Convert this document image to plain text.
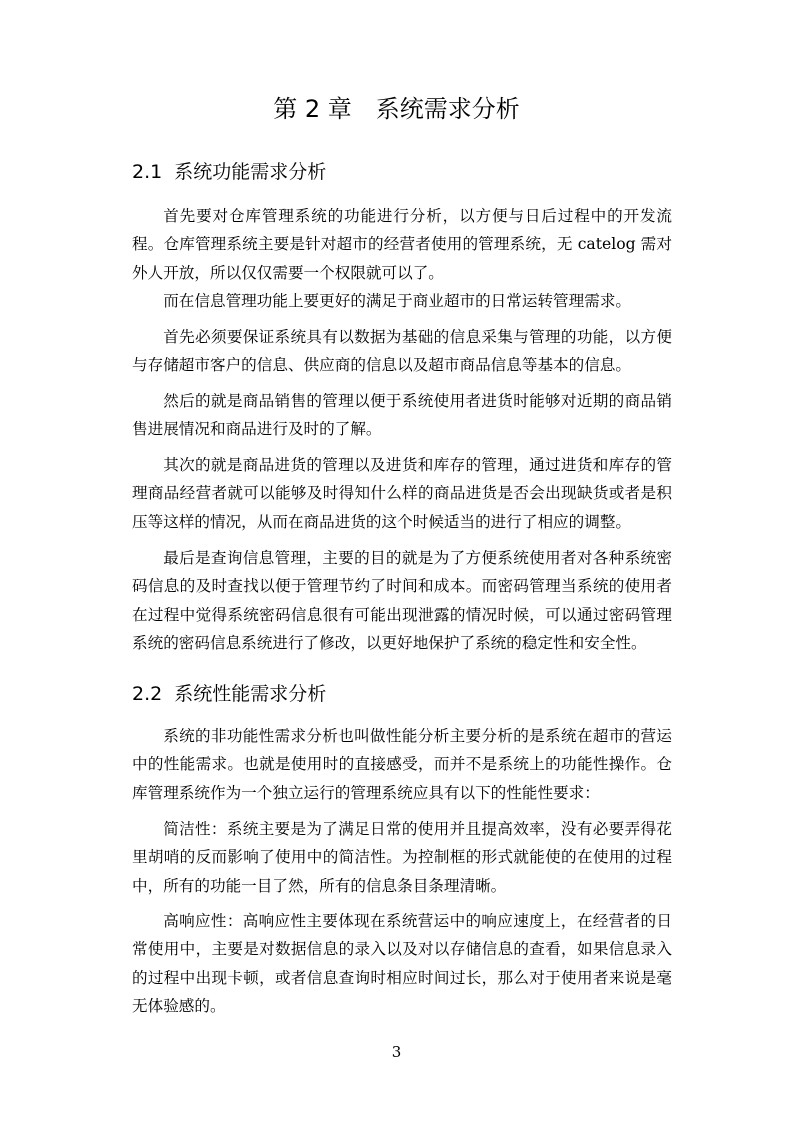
第 2 章　系统需求分析
2.1  系统功能需求分析

首先要对仓库管理系统的功能进行分析，以方便与日后过程中的开发流程。仓库管理系统主要是针对超市的经营者使用的管理系统，无 catelog 需对外人开放，所以仅仅需要一个权限就可以了。

而在信息管理功能上要更好的满足于商业超市的日常运转管理需求。

首先必须要保证系统具有以数据为基础的信息采集与管理的功能，以方便与存储超市客户的信息、供应商的信息以及超市商品信息等基本的信息。

然后的就是商品销售的管理以便于系统使用者进货时能够对近期的商品销售进展情况和商品进行及时的了解。

其次的就是商品进货的管理以及进货和库存的管理，通过进货和库存的管理商品经营者就可以能够及时得知什么样的商品进货是否会出现缺货或者是积压等这样的情况，从而在商品进货的这个时候适当的进行了相应的调整。

最后是查询信息管理，主要的目的就是为了方便系统使用者对各种系统密码信息的及时查找以便于管理节约了时间和成本。而密码管理当系统的使用者在过程中觉得系统密码信息很有可能出现泄露的情况时候，可以通过密码管理系统的密码信息系统进行了修改，以更好地保护了系统的稳定性和安全性。

2.2  系统性能需求分析

系统的非功能性需求分析也叫做性能分析主要分析的是系统在超市的营运中的性能需求。也就是使用时的直接感受，而并不是系统上的功能性操作。仓库管理系统作为一个独立运行的管理系统应具有以下的性能性要求：

简洁性：系统主要是为了满足日常的使用并且提高效率，没有必要弄得花里胡哨的反而影响了使用中的简洁性。为控制框的形式就能使的在使用的过程中，所有的功能一目了然，所有的信息条目条理清晰。

高响应性：高响应性主要体现在系统营运中的响应速度上，在经营者的日常使用中，主要是对数据信息的录入以及对以存储信息的查看，如果信息录入的过程中出现卡顿，或者信息查询时相应时间过长，那么对于使用者来说是毫无体验感的。

3
